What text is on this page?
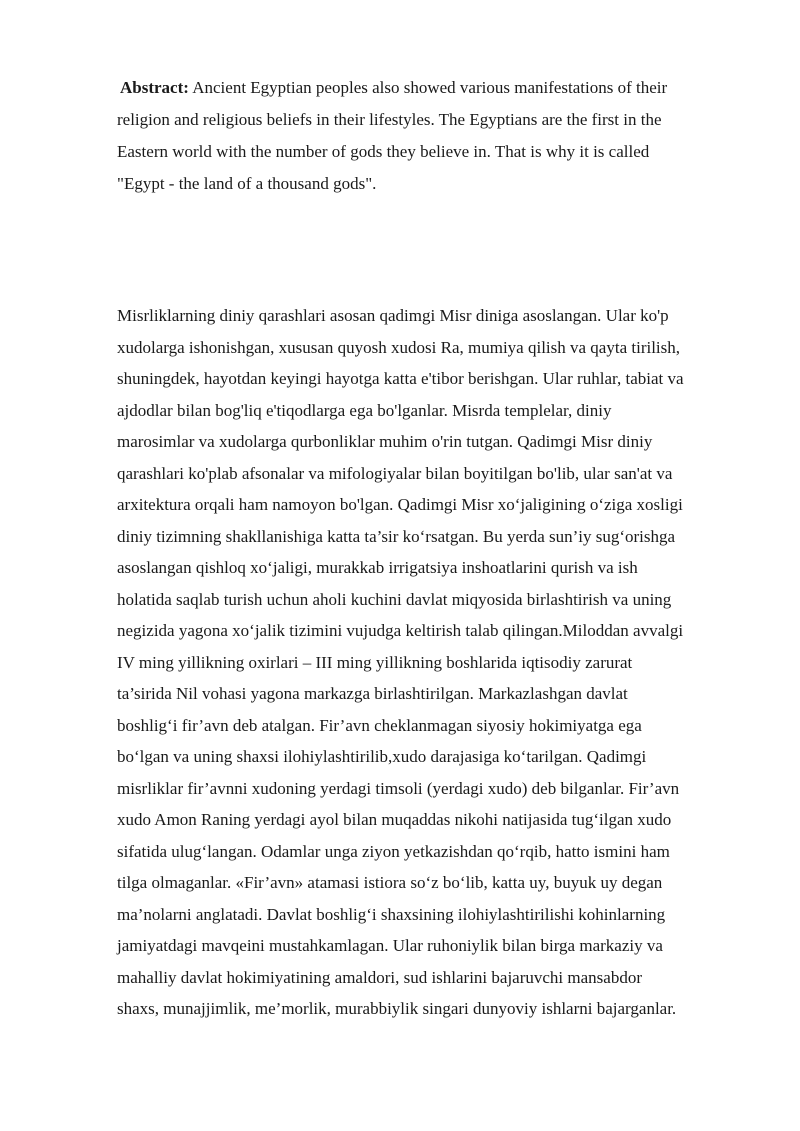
Abstract: Ancient Egyptian peoples also showed various manifestations of their
religion and religious beliefs in their lifestyles. The Egyptians are the first in the
Eastern world with the number of gods they believe in. That is why it is called
"Egypt - the land of a thousand gods".

Misrliklarning diniy qarashlari asosan qadimgi Misr diniga asoslangan. Ular ko'p
xudolarga ishonishgan, xususan quyosh xudosi Ra, mumiya qilish va qayta tirilish,
shuningdek, hayotdan keyingi hayotga katta e'tibor berishgan. Ular ruhlar, tabiat va
ajdodlar bilan bog'liq e'tiqodlarga ega bo'lganlar. Misrda templelar, diniy
marosimlar va xudolarga qurbonliklar muhim o'rin tutgan. Qadimgi Misr diniy
qarashlari ko'plab afsonalar va mifologiyalar bilan boyitilgan bo'lib, ular san'at va
arxitektura orqali ham namoyon bo'lgan. Qadimgi Misr xo‘jaligining o‘ziga xosligi
diniy tizimning shakllanishiga katta ta’sir ko‘rsatgan. Bu yerda sun’iy sug‘orishga
asoslangan qishloq xo‘jaligi, murakkab irrigatsiya inshoatlarini qurish va ish
holatida saqlab turish uchun aholi kuchini davlat miqyosida birlashtirish va uning
negizida yagona xo‘jalik tizimini vujudga keltirish talab qilingan.Miloddan avvalgi
IV ming yillikning oxirlari – III ming yillikning boshlarida iqtisodiy zarurat
ta’sirida Nil vohasi yagona markazga birlashtirilgan. Markazlashgan davlat
boshlig‘i fir’avn deb atalgan. Fir’avn cheklanmagan siyosiy hokimiyatga ega
bo‘lgan va uning shaxsi ilohiylashtirilib,xudo darajasiga ko‘tarilgan. Qadimgi
misrliklar fir’avnni xudoning yerdagi timsoli (yerdagi xudo) deb bilganlar. Fir’avn
xudo Amon Raning yerdagi ayol bilan muqaddas nikohi natijasida tug‘ilgan xudo
sifatida ulug‘langan. Odamlar unga ziyon yetkazishdan qo‘rqib, hatto ismini ham
tilga olmaganlar. «Fir’avn» atamasi istiora so‘z bo‘lib, katta uy, buyuk uy degan
ma’nolarni anglatadi. Davlat boshlig‘i shaxsining ilohiylashtirilishi kohinlarning
jamiyatdagi mavqeini mustahkamlagan. Ular ruhoniylik bilan birga markaziy va
mahalliy davlat hokimiyatining amaldori, sud ishlarini bajaruvchi mansabdor
shaxs, munajjimlik, me’morlik, murabbiylik singari dunyoviy ishlarni bajarganlar.
